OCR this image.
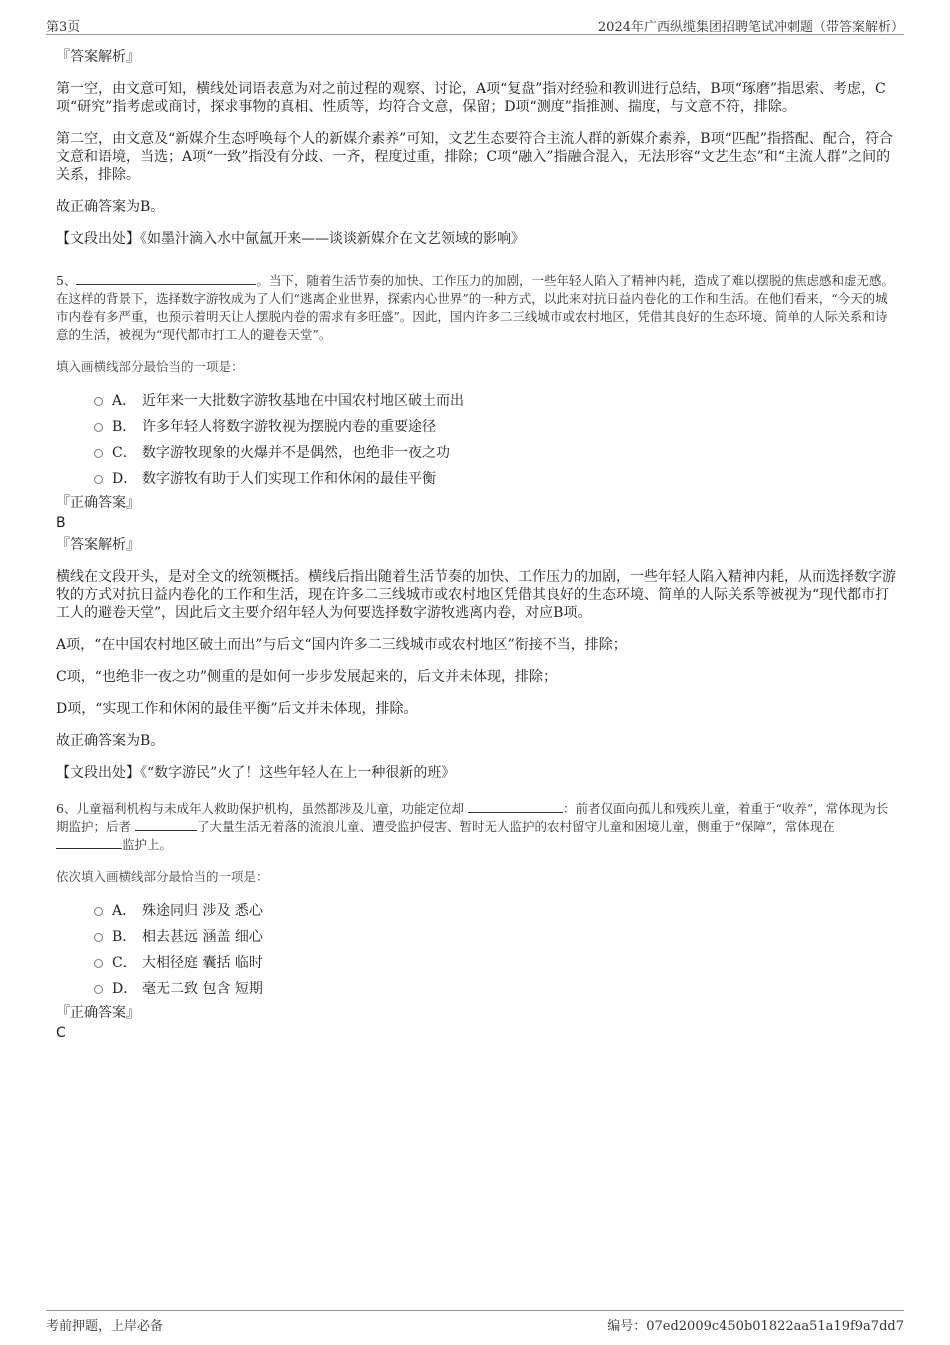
第3页	2024年广西纵缆集团招聘笔试冲刺题（带答案解析）

『答案解析』

第一空，由文意可知，横线处词语表意为对之前过程的观察、讨论，A项“复盘”指对经验和教训进行总结，B项“琢磨”指思索、考虑，C项“研究”指考虑或商讨，探求事物的真相、性质等，均符合文意，保留；D项“测度”指推测、揣度，与文意不符，排除。

第二空，由文意及“新媒介生态呼唤每个人的新媒介素养”可知，文艺生态要符合主流人群的新媒介素养，B项“匹配”指搭配、配合，符合文意和语境，当选；A项“一致”指没有分歧、一齐，程度过重，排除；C项“融入”指融合混入，无法形容“文艺生态”和“主流人群”之间的关系，排除。

故正确答案为B。

【文段出处】《如墨汁滴入水中氤氲开来——谈谈新媒介在文艺领域的影响》

5、	。当下，随着生活节奏的加快、工作压力的加剧，一些年轻人陷入了精神内耗，造成了难以摆脱的焦虑感和虚无感。在这样的背景下，选择数字游牧成为了人们“逃离企业世界，探索内心世界”的一种方式，以此来对抗日益内卷化的工作和生活。在他们看来，“今天的城市内卷有多严重，也预示着明天让人摆脱内卷的需求有多旺盛”。因此，国内许多二三线城市或农村地区，凭借其良好的生态环境、简单的人际关系和诗意的生活，被视为“现代都市打工人的避卷天堂”。

填入画横线部分最恰当的一项是：

A． 近年来一大批数字游牧基地在中国农村地区破土而出
B． 许多年轻人将数字游牧视为摆脱内卷的重要途径
C． 数字游牧现象的火爆并不是偶然，也绝非一夜之功
D． 数字游牧有助于人们实现工作和休闲的最佳平衡

『正确答案』

B

『答案解析』

横线在文段开头，是对全文的统领概括。横线后指出随着生活节奏的加快、工作压力的加剧，一些年轻人陷入精神内耗，从而选择数字游牧的方式对抗日益内卷化的工作和生活，现在许多二三线城市或农村地区凭借其良好的生态环境、简单的人际关系等被视为“现代都市打工人的避卷天堂”，因此后文主要介绍年轻人为何要选择数字游牧逃离内卷，对应B项。

A项，“在中国农村地区破土而出”与后文“国内许多二三线城市或农村地区”衔接不当，排除；

C项，“也绝非一夜之功”侧重的是如何一步步发展起来的，后文并未体现，排除；

D项，“实现工作和休闲的最佳平衡”后文并未体现，排除。

故正确答案为B。

【文段出处】《“数字游民”火了！这些年轻人在上一种很新的班》

6、儿童福利机构与未成年人救助保护机构，虽然都涉及儿童，功能定位却	：前者仅面向孤儿和残疾儿童，着重于“收养”，常体现为长期监护；后者	了大量生活无着落的流浪儿童、遭受监护侵害、暂时无人监护的农村留守儿童和困境儿童，侧重于“保障”，常体现在 监护上。

依次填入画横线部分最恰当的一项是：

A． 殊途同归 涉及 悉心
B． 相去甚远 涵盖 细心
C． 大相径庭 囊括 临时
D． 毫无二致 包含 短期

『正确答案』

C

考前押题，上岸必备	编号：07ed2009c450b01822aa51a19f9a7dd7
